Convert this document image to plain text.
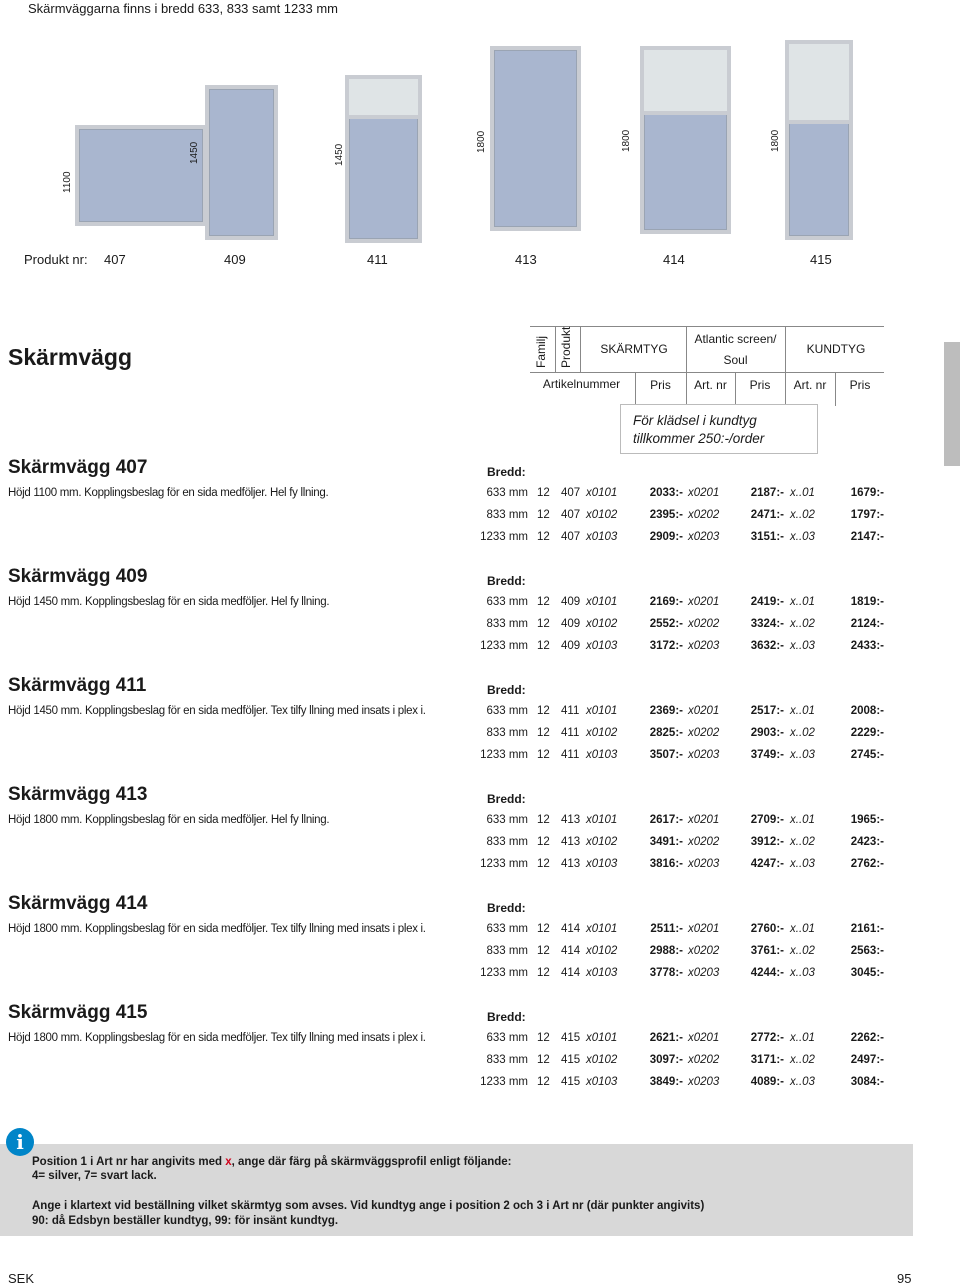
Skärmväggarna finns i bredd 633, 833 samt 1233 mm
1100
1450	1450
1800	1800	1800
Produkt nr: 407	409	411	413	414	415
Skärmvägg	Familj Produkt	SKÄRMTYG
Atlantic screen/
Soul
KUNDTYG
Artikelnummer	Pris	Art. nr	Pris	Art. nr	Pris
För klädsel i kundtyg
tillkommer 250:-/order
Skärmvägg 407	Bredd:
Höjd 1100 mm. Kopplingsbeslag för en sida medföljer. Hel fy llning.	633 mm 12 407 x0101	2033:- x0201	2187:- x..01	1679:-
833 mm 12 407 x0102	2395:- x0202	2471:- x..02	1797:-
1233 mm 12 407 x0103	2909:- x0203	3151:- x..03	2147:-
Skärmvägg 409	Bredd:
Höjd 1450 mm. Kopplingsbeslag för en sida medföljer. Hel fy llning.	633 mm 12 409 x0101	2169:- x0201	2419:- x..01	1819:-
833 mm 12 409 x0102	2552:- x0202	3324:- x..02	2124:-
1233 mm 12 409 x0103	3172:- x0203	3632:- x..03	2433:-
Skärmvägg 411	Bredd:
Höjd 1450 mm. Kopplingsbeslag för en sida medföljer. Tex tilfy llning med insats i plex i.	633 mm 12 411 x0101	2369:- x0201	2517:- x..01	2008:-
833 mm 12 411 x0102	2825:- x0202	2903:- x..02	2229:-
1233 mm 12 411 x0103	3507:- x0203	3749:- x..03	2745:-
Skärmvägg 413	Bredd:
Höjd 1800 mm. Kopplingsbeslag för en sida medföljer. Hel fy llning.	633 mm 12 413 x0101	2617:- x0201	2709:- x..01	1965:-
833 mm 12 413 x0102	3491:- x0202	3912:- x..02	2423:-
1233 mm 12 413 x0103	3816:- x0203	4247:- x..03	2762:-
Skärmvägg 414	Bredd:
Höjd 1800 mm. Kopplingsbeslag för en sida medföljer. Tex tilfy llning med insats i plex i.	633 mm 12 414 x0101	2511:- x0201	2760:- x..01	2161:-
833 mm 12 414 x0102	2988:- x0202	3761:- x..02	2563:-
1233 mm 12 414 x0103	3778:- x0203	4244:- x..03	3045:-
Skärmvägg 415	Bredd:
Höjd 1800 mm. Kopplingsbeslag för en sida medföljer. Tex tilfy llning med insats i plex i.	633 mm 12 415 x0101	2621:- x0201	2772:- x..01	2262:-
833 mm 12 415 x0102	3097:- x0202	3171:- x..02	2497:-
1233 mm 12 415 x0103	3849:- x0203	4089:- x..03	3084:-
i
Position 1 i Art nr har angivits med x, ange där färg på skärmväggsprofil enligt följande:
4= silver, 7= svart lack.
Ange i klartext vid beställning vilket skärmtyg som avses. Vid kundtyg ange i position 2 och 3 i Art nr (där punkter angivits)
90: då Edsbyn beställer kundtyg, 99: för insänt kundtyg.
SEK	95
